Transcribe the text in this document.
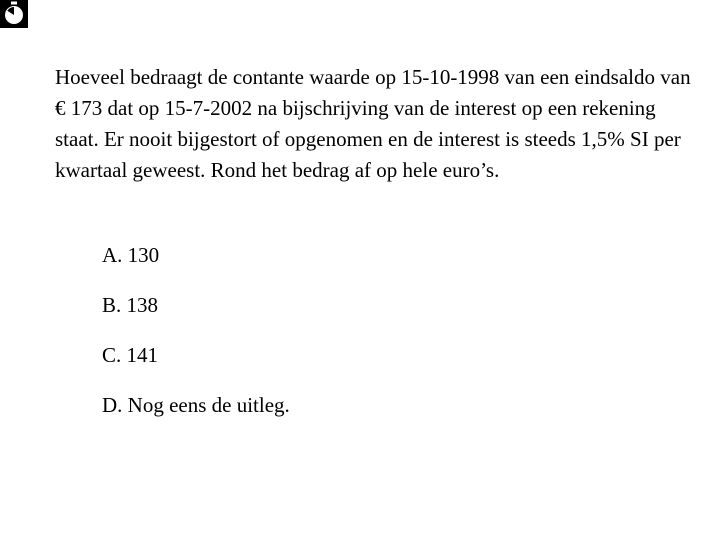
Hoeveel bedraagt de contante waarde op 15-10-1998 van een eindsaldo van € 173 dat op 15-7-2002 na bijschrijving van de interest op een rekening staat. Er nooit bijgestort of opgenomen en de interest is steeds 1,5% SI per kwartaal geweest. Rond het bedrag af op hele euro’s.

A. 130
B. 138
C. 141
D. Nog eens de uitleg.
